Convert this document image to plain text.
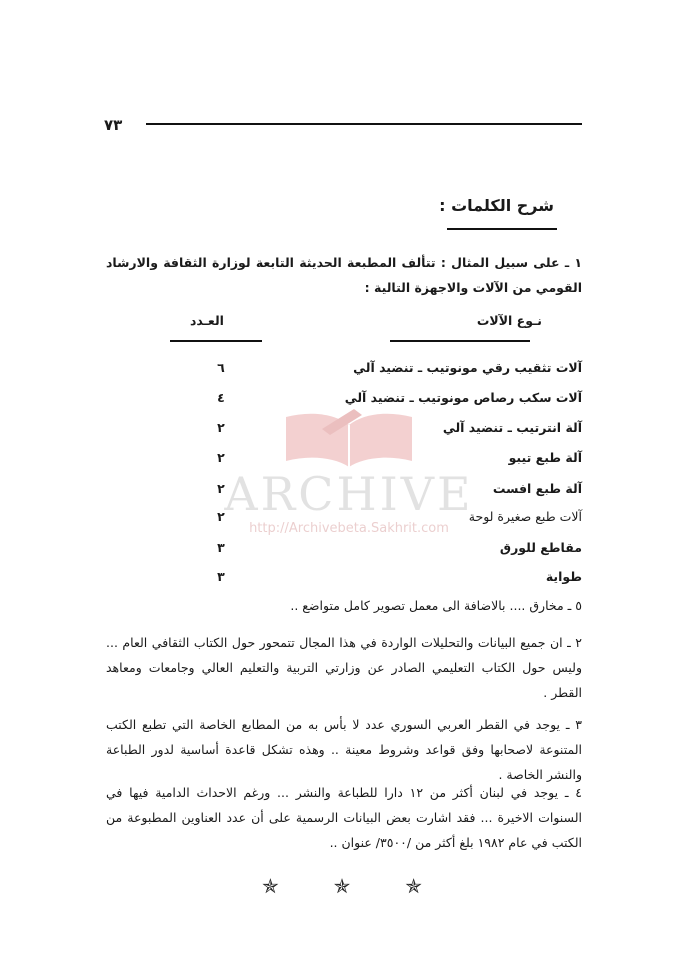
٧٣
شرح الكلمات :
١ ـ على سبيل المثال : تتألف المطبعة الحديثة التابعة لوزارة الثقافة والارشاد القومي من الآلات والاجهزة التالية :
نـوع الآلات
العـدد
آلات تثقيب رقي مونوتيب ـ تنضيد آلي
٦
آلات سكب رصاص مونوتيب ـ تنضيد آلي
٤
آلة انترتيب ـ تنضيد آلي
٢
آلة طبع تيبو
٢
آلة طبع افست
٢
آلات طبع صغيرة لوحة
٢
مقاطع للورق
٣
طواية
٣
٥ ـ مخارق .... بالاضافة الى معمل تصوير كامل متواضع ..
٢ ـ ان جميع البيانات والتحليلات الواردة في هذا المجال تتمحور حول الكتاب الثقافي العام ... وليس حول الكتاب التعليمي الصادر عن وزارتي التربية والتعليم العالي وجامعات ومعاهد القطر .
٣ ـ يوجد في القطر العربي السوري عدد لا بأس به من المطابع الخاصة التي تطبع الكتب المتنوعة لاصحابها وفق قواعد وشروط معينة .. وهذه تشكل قاعدة أساسية لدور الطباعة والنشر الخاصة .
٤ ـ يوجد في لبنان أكثر من ١٢ دارا للطباعة والنشر ... ورغم الاحداث الدامية فيها في السنوات الاخيرة ... فقد اشارت بعض البيانات الرسمية على أن عدد العناوين المطبوعة من الكتب في عام ١٩٨٢ بلغ أكثر من /٣٥٠٠/ عنوان ..
✯	✯	✯
ARCHIVE
http://Archivebeta.Sakhrit.com
